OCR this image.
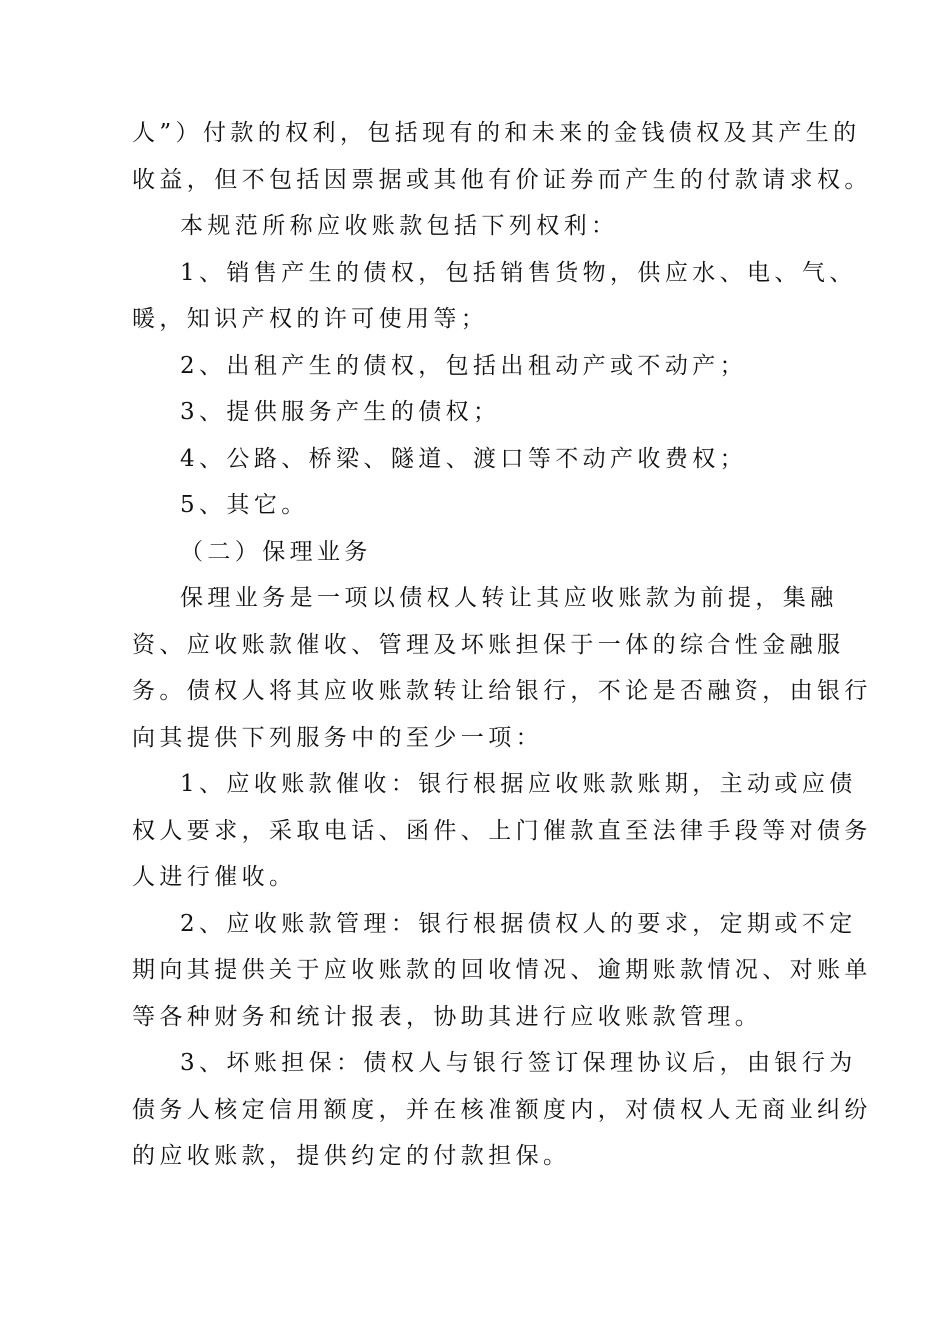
人”）付款的权利，包括现有的和未来的金钱债权及其产生的
收益，但不包括因票据或其他有价证券而产生的付款请求权。
本规范所称应收账款包括下列权利：
1、销售产生的债权，包括销售货物，供应水、电、气、
暖，知识产权的许可使用等；
2、出租产生的债权，包括出租动产或不动产；
3、提供服务产生的债权；
4、公路、桥梁、隧道、渡口等不动产收费权；
5、其它。
（二）保理业务
保理业务是一项以债权人转让其应收账款为前提，集融
资、应收账款催收、管理及坏账担保于一体的综合性金融服
务。债权人将其应收账款转让给银行，不论是否融资，由银行
向其提供下列服务中的至少一项：
1、应收账款催收：银行根据应收账款账期，主动或应债
权人要求，采取电话、函件、上门催款直至法律手段等对债务
人进行催收。
2、应收账款管理：银行根据债权人的要求，定期或不定
期向其提供关于应收账款的回收情况、逾期账款情况、对账单
等各种财务和统计报表，协助其进行应收账款管理。
3、坏账担保：债权人与银行签订保理协议后，由银行为
债务人核定信用额度，并在核准额度内，对债权人无商业纠纷
的应收账款，提供约定的付款担保。
